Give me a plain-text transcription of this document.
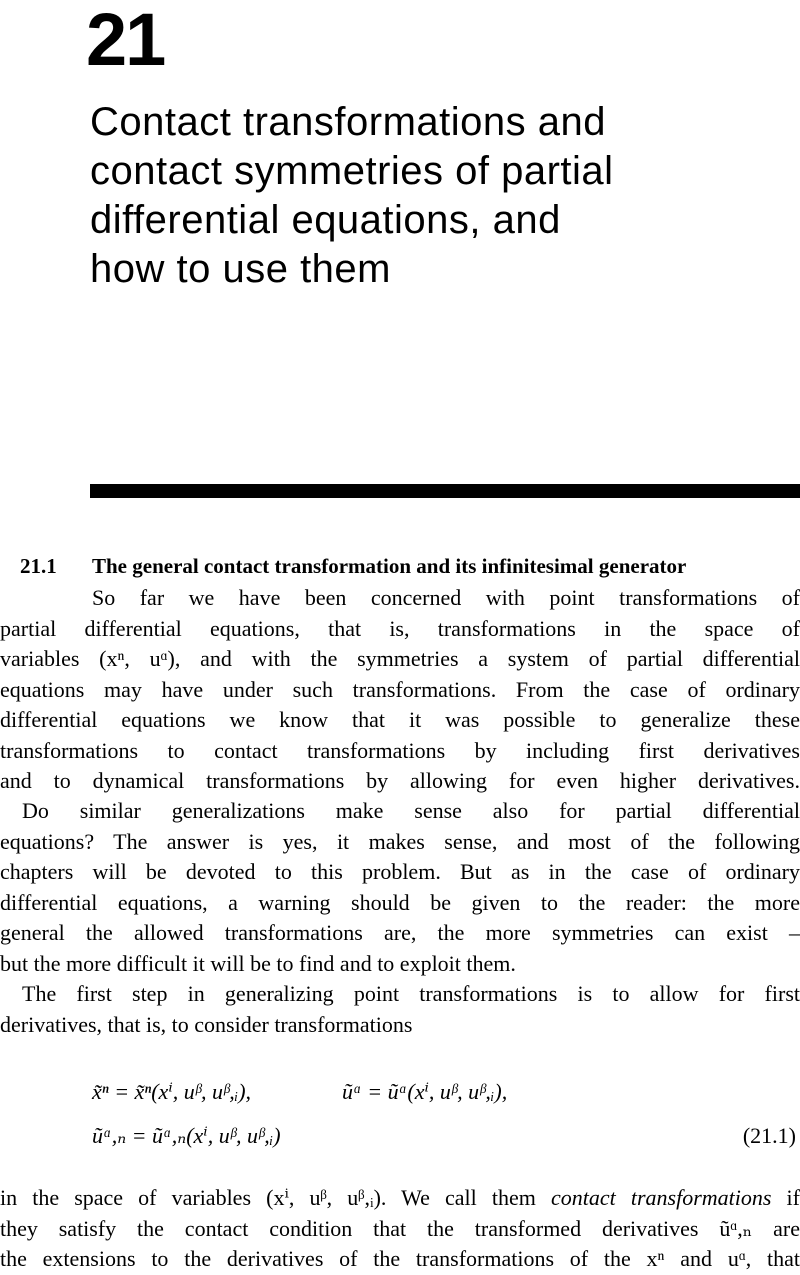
21
Contact transformations and
contact symmetries of partial
differential equations, and
how to use them
21.1 The general contact transformation and its infinitesimal generator
So far we have been concerned with point transformations of
partial differential equations, that is, transformations in the space of
variables (xⁿ, uᵅ), and with the symmetries a system of partial differential
equations may have under such transformations. From the case of ordinary
differential equations we know that it was possible to generalize these
transformations to contact transformations by including first derivatives
and to dynamical transformations by allowing for even higher derivatives.
Do similar generalizations make sense also for partial differential
equations? The answer is yes, it makes sense, and most of the following
chapters will be devoted to this problem. But as in the case of ordinary
differential equations, a warning should be given to the reader: the more
general the allowed transformations are, the more symmetries can exist –
but the more difficult it will be to find and to exploit them.
The first step in generalizing point transformations is to allow for first
derivatives, that is, to consider transformations
x̃ⁿ = x̃ⁿ(xⁱ, uᵝ, uᵝ,ᵢ),	ũᵅ = ũᵅ(xⁱ, uᵝ, uᵝ,ᵢ),
ũᵅ,ₙ = ũᵅ,ₙ(xⁱ, uᵝ, uᵝ,ᵢ)	(21.1)
in the space of variables (xⁱ, uᵝ, uᵝ,ᵢ). We call them contact transformations if
they satisfy the contact condition that the transformed derivatives ũᵅ,ₙ are
the extensions to the derivatives of the transformations of the xⁿ and uᵅ, that
